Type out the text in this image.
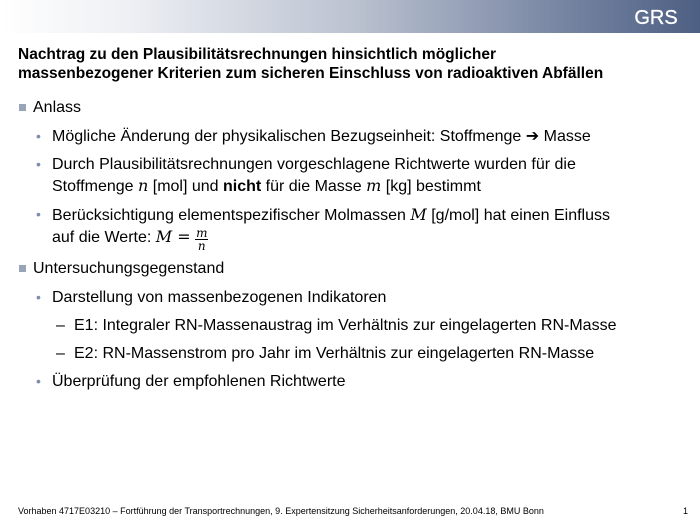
GRS
Nachtrag zu den Plausibilitätsrechnungen hinsichtlich möglicher
massenbezogener Kriterien zum sicheren Einschluss von radioaktiven Abfällen
Anlass
• Mögliche Änderung der physikalischen Bezugseinheit: Stoffmenge ➔ Masse
• Durch Plausibilitätsrechnungen vorgeschlagene Richtwerte wurden für die
Stoffmenge n [mol] und nicht für die Masse m [kg] bestimmt
• Berücksichtigung elementspezifischer Molmassen M [g/mol] hat einen Einfluss
auf die Werte: $M = \frac{m}{n}$
Untersuchungsgegenstand
• Darstellung von massenbezogenen Indikatoren
– E1: Integraler RN-Massenaustrag im Verhältnis zur eingelagerten RN-Masse
– E2: RN-Massenstrom pro Jahr im Verhältnis zur eingelagerten RN-Masse
• Überprüfung der empfohlenen Richtwerte
Vorhaben 4717E03210 – Fortführung der Transportrechnungen, 9. Expertensitzung Sicherheitsanforderungen, 20.04.18, BMU Bonn	1
